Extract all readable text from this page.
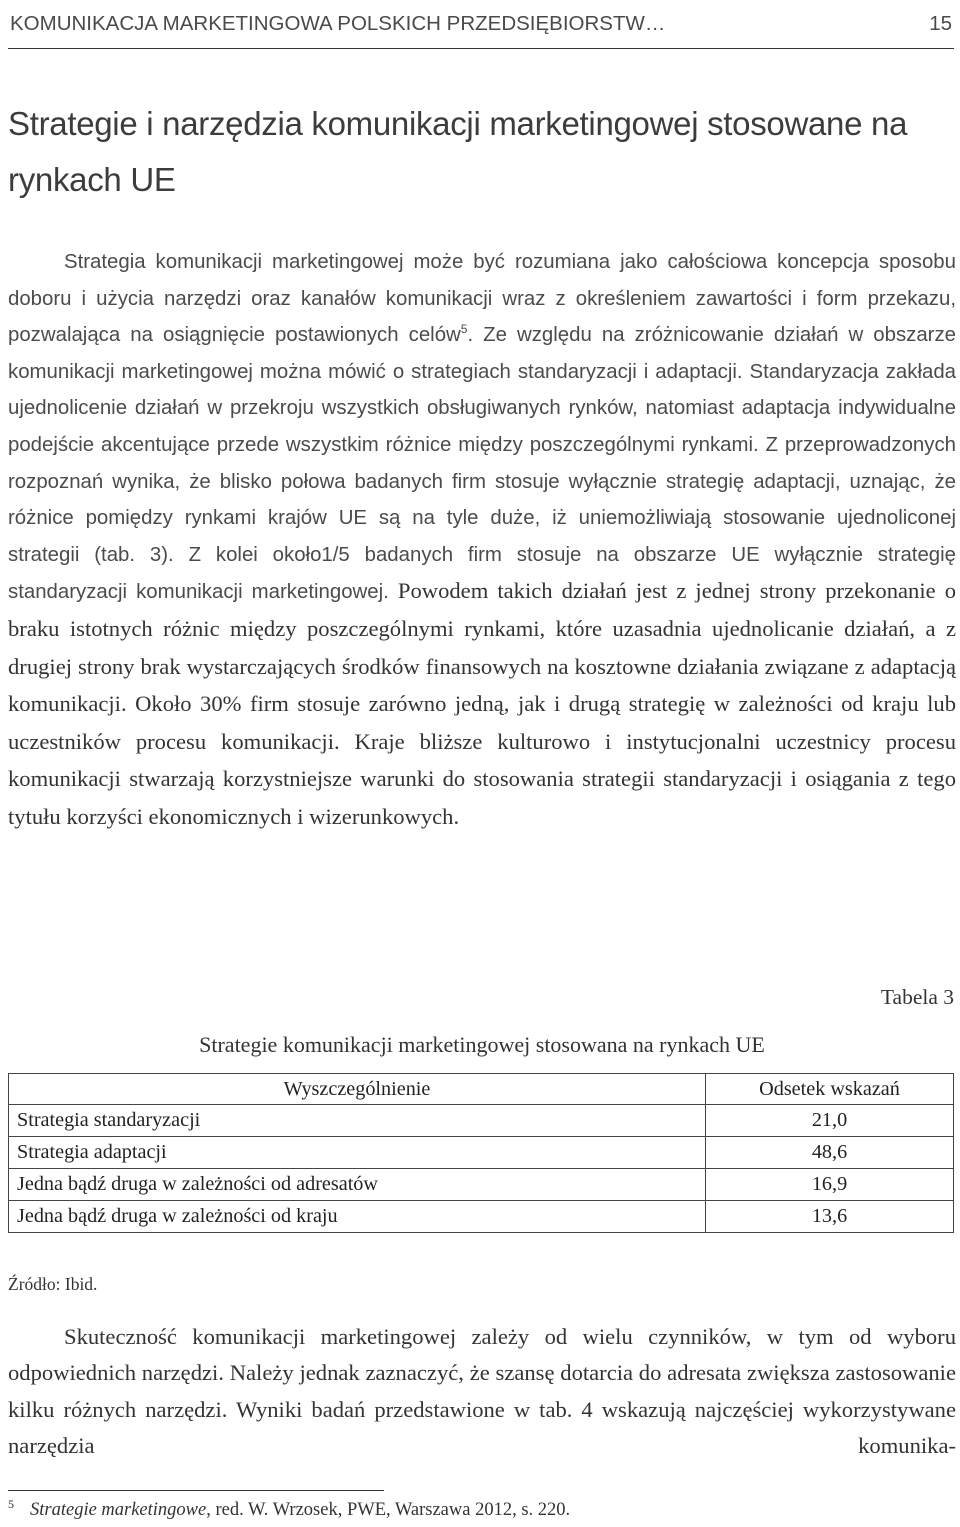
KOMUNIKACJA MARKETINGOWA POLSKICH PRZEDSIĘBIORSTW…	15
Strategie i narzędzia komunikacji marketingowej stosowane na rynkach UE

Strategia komunikacji marketingowej może być rozumiana jako całościowa koncepcja sposobu doboru i użycia narzędzi oraz kanałów komunikacji wraz z określeniem zawartości i form przekazu, pozwalająca na osiągnięcie postawionych celów$^5$. Ze względu na zróżnicowanie działań w obszarze komunikacji marketingowej można mówić o strategiach standaryzacji i adaptacji. Standaryzacja zakłada ujednolicenie działań w przekroju wszystkich obsługiwanych rynków, natomiast adaptacja indywidualne podejście akcentujące przede wszystkim różnice między poszczególnymi rynkami. Z przeprowadzonych rozpoznań wynika, że blisko połowa badanych firm stosuje wyłącznie strategię adaptacji, uznając, że różnice pomiędzy rynkami krajów UE są na tyle duże, iż uniemożliwiają stosowanie ujednoliconej strategii (tab. 3). Z kolei około1/5 badanych firm stosuje na obszarze UE wyłącznie strategię standaryzacji komunikacji marketingowej. Powodem takich działań jest z jednej strony przekonanie o braku istotnych różnic między poszczególnymi rynkami, które uzasadnia ujednolicanie działań, a z drugiej strony brak wystarczających środków finansowych na kosztowne działania związane z adaptacją komunikacji. Około 30% firm stosuje zarówno jedną, jak i drugą strategię w zależności od kraju lub uczestników procesu komunikacji. Kraje bliższe kulturowo i instytucjonalni uczestnicy procesu komunikacji stwarzają korzystniejsze warunki do stosowania strategii standaryzacji i osiągania z tego tytułu korzyści ekonomicznych i wizerunkowych.

Tabela 3

Strategie komunikacji marketingowej stosowana na rynkach UE

Wyszczególnienie	Odsetek wskazań
Strategia standaryzacji	21,0
Strategia adaptacji	48,6
Jedna bądź druga w zależności od adresatów	16,9
Jedna bądź druga w zależności od kraju	13,6

Źródło: Ibid.

Skuteczność komunikacji marketingowej zależy od wielu czynników, w tym od wyboru odpowiednich narzędzi. Należy jednak zaznaczyć, że szansę dotarcia do adresata zwiększa zastosowanie kilku różnych narzędzi. Wyniki badań przedstawione w tab. 4 wskazują najczęściej wykorzystywane narzędzia komunika-

$^5$ Strategie marketingowe, red. W. Wrzosek, PWE, Warszawa 2012, s. 220.
